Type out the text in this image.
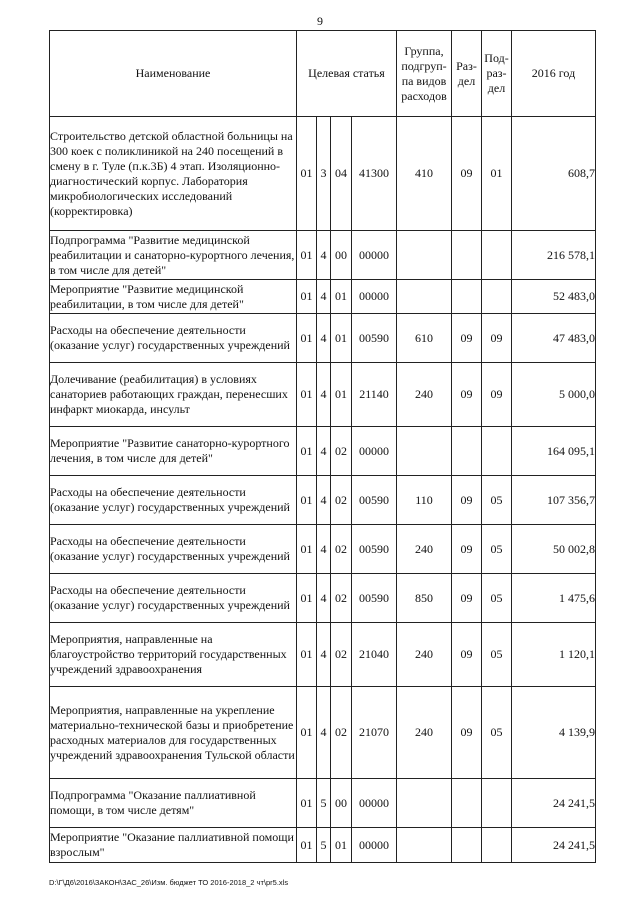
9
Наименование	Целевая статья				Группа, подгруп-па видов расходов	Раз-дел	Под-раз-дел	2016 год
Строительство детской областной больницы на 300 коек с поликлиникой на 240 посещений в смену в г. Туле (п.к.3Б) 4 этап. Изоляционно-диагностический корпус. Лаборатория микробиологических исследований (корректировка)	01	3	04	41300	410	09	01	608,7
Подпрограмма "Развитие медицинской реабилитации и санаторно-курортного лечения, в том числе для детей"	01	4	00	00000				216 578,1
Мероприятие "Развитие медицинской реабилитации, в том числе для детей"	01	4	01	00000				52 483,0
Расходы на обеспечение деятельности (оказание услуг) государственных учреждений	01	4	01	00590	610	09	09	47 483,0
Долечивание (реабилитация) в условиях санаториев работающих граждан, перенесших инфаркт миокарда, инсульт	01	4	01	21140	240	09	09	5 000,0
Мероприятие "Развитие санаторно-курортного лечения, в том числе для детей"	01	4	02	00000				164 095,1
Расходы на обеспечение деятельности (оказание услуг) государственных учреждений	01	4	02	00590	110	09	05	107 356,7
Расходы на обеспечение деятельности (оказание услуг) государственных учреждений	01	4	02	00590	240	09	05	50 002,8
Расходы на обеспечение деятельности (оказание услуг) государственных учреждений	01	4	02	00590	850	09	05	1 475,6
Мероприятия, направленные на благоустройство территорий государственных учреждений здравоохранения	01	4	02	21040	240	09	05	1 120,1
Мероприятия, направленные на укрепление материально-технической базы и приобретение расходных материалов для государственных учреждений здравоохранения Тульской области	01	4	02	21070	240	09	05	4 139,9
Подпрограмма "Оказание паллиативной помощи, в том числе детям"	01	5	00	00000				24 241,5
Мероприятие "Оказание паллиативной помощи взрослым"	01	5	01	00000				24 241,5
D:\Г\Д6\2016\ЗАКОН\ЗАС_26\Изм. бюджет ТО 2016-2018_2 чт\pr5.xls
